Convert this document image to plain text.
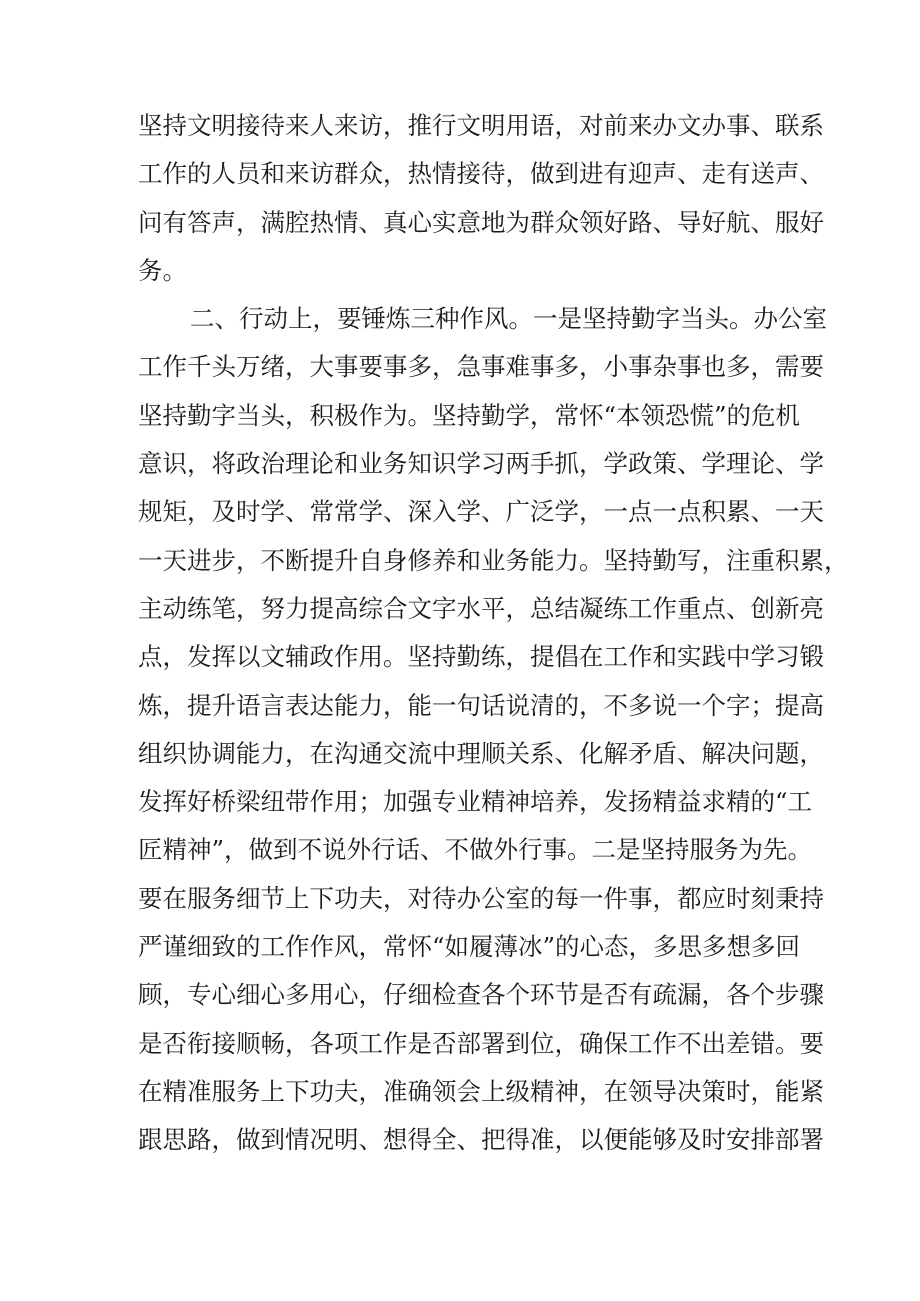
坚持文明接待来人来访，推行文明用语，对前来办文办事、联系
工作的人员和来访群众，热情接待，做到进有迎声、走有送声、
问有答声，满腔热情、真心实意地为群众领好路、导好航、服好
务。
二、行动上，要锤炼三种作风。一是坚持勤字当头。办公室
工作千头万绪，大事要事多，急事难事多，小事杂事也多，需要
坚持勤字当头，积极作为。坚持勤学，常怀“本领恐慌”的危机
意识，将政治理论和业务知识学习两手抓，学政策、学理论、学
规矩，及时学、常常学、深入学、广泛学，一点一点积累、一天
一天进步，不断提升自身修养和业务能力。坚持勤写，注重积累，
主动练笔，努力提高综合文字水平，总结凝练工作重点、创新亮
点，发挥以文辅政作用。坚持勤练，提倡在工作和实践中学习锻
炼，提升语言表达能力，能一句话说清的，不多说一个字；提高
组织协调能力，在沟通交流中理顺关系、化解矛盾、解决问题，
发挥好桥梁纽带作用；加强专业精神培养，发扬精益求精的“工
匠精神”，做到不说外行话、不做外行事。二是坚持服务为先。
要在服务细节上下功夫，对待办公室的每一件事，都应时刻秉持
严谨细致的工作作风，常怀“如履薄冰”的心态，多思多想多回
顾，专心细心多用心，仔细检查各个环节是否有疏漏，各个步骤
是否衔接顺畅，各项工作是否部署到位，确保工作不出差错。要
在精准服务上下功夫，准确领会上级精神，在领导决策时，能紧
跟思路，做到情况明、想得全、把得准，以便能够及时安排部署
